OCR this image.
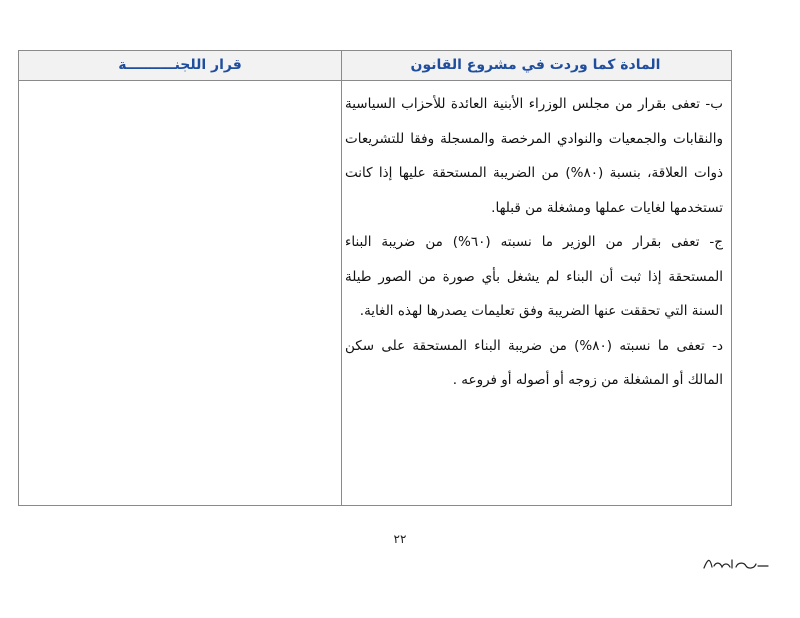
المادة كما وردت في مشروع القانون
قرار اللجنــــــــــة

ب- تعفى بقرار من مجلس الوزراء الأبنية العائدة للأحزاب السياسية والنقابات والجمعيات والنوادي المرخصة والمسجلة وفقا للتشريعات ذوات العلاقة، بنسبة (٨٠%) من الضريبة المستحقة عليها إذا كانت تستخدمها لغايات عملها ومشغلة من قبلها.

ج- تعفى بقرار من الوزير ما نسبته (٦٠%) من ضريبة البناء المستحقة إذا ثبت أن البناء لم يشغل بأي صورة من الصور طيلة السنة التي تحققت عنها الضريبة وفق تعليمات يصدرها لهذه الغاية.

د- تعفى ما نسبته (٨٠%) من ضريبة البناء المستحقة على سكن المالك أو المشغلة من زوجه أو أصوله أو فروعه .

٢٢
